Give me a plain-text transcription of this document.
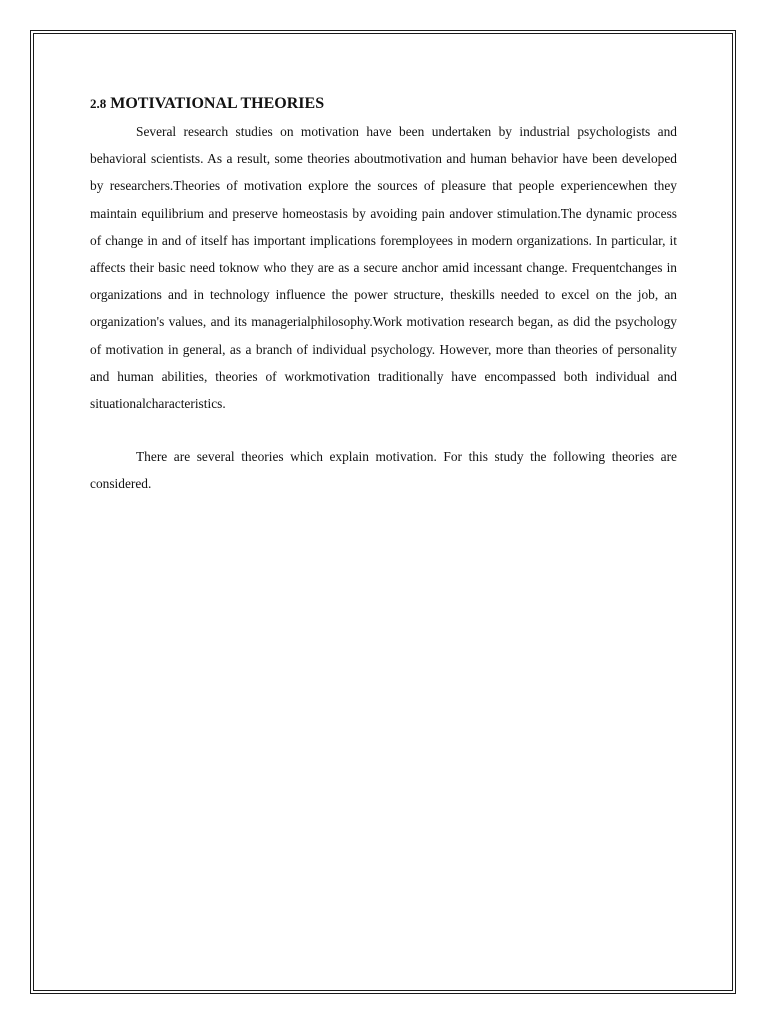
2.8 MOTIVATIONAL THEORIES

Several research studies on motivation have been undertaken by industrial psychologists and behavioral scientists. As a result, some theories aboutmotivation and human behavior have been developed by researchers.Theories of motivation explore the sources of pleasure that people experiencewhen they maintain equilibrium and preserve homeostasis by avoiding pain andover stimulation.The dynamic process of change in and of itself has important implications foremployees in modern organizations. In particular, it affects their basic need toknow who they are as a secure anchor amid incessant change. Frequentchanges in organizations and in technology influence the power structure, theskills needed to excel on the job, an organization's values, and its managerialphilosophy.Work motivation research began, as did the psychology of motivation in general, as a branch of individual psychology. However, more than theories of personality and human abilities, theories of workmotivation traditionally have encompassed both individual and situationalcharacteristics.

There are several theories which explain motivation. For this study the following theories are considered.
